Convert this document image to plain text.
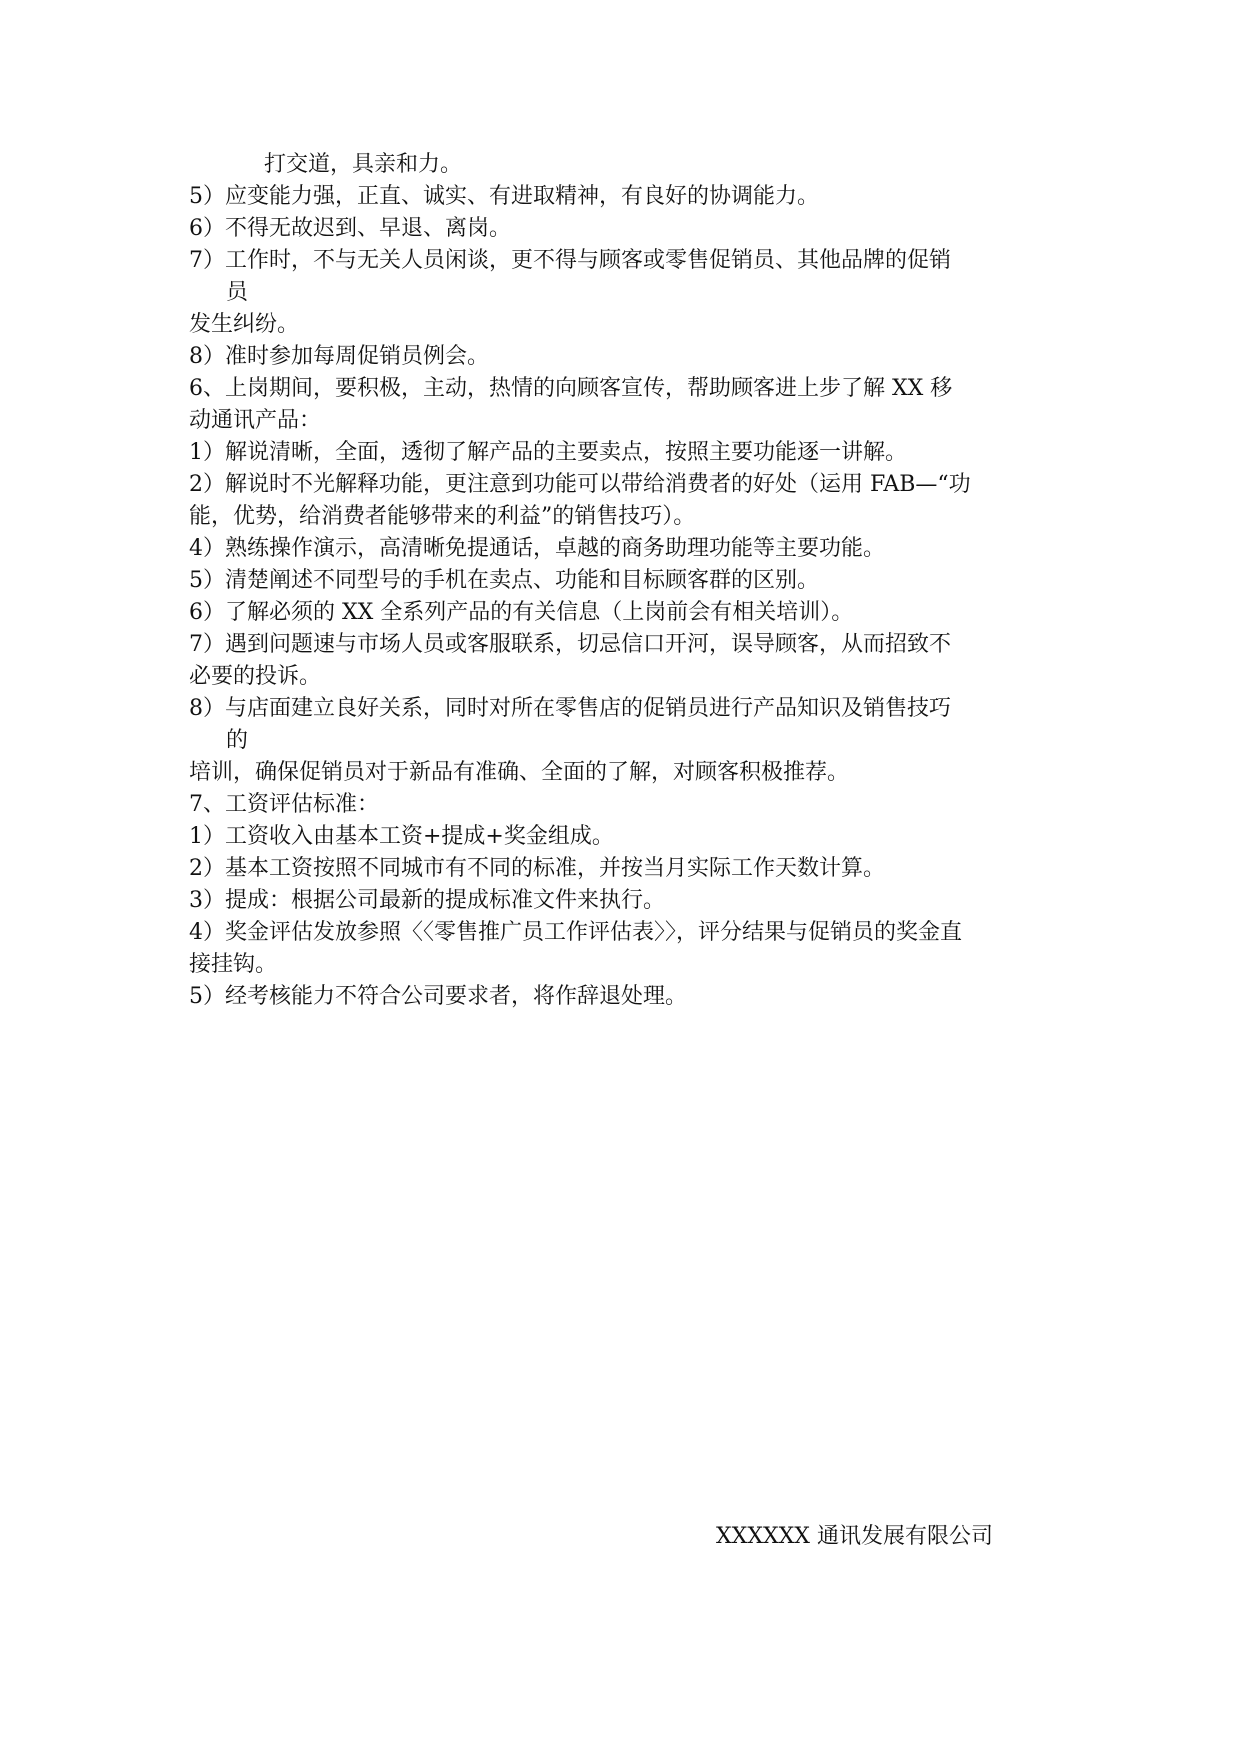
打交道，具亲和力。
5）应变能力强，正直、诚实、有进取精神，有良好的协调能力。
6）不得无故迟到、早退、离岗。
7）工作时，不与无关人员闲谈，更不得与顾客或零售促销员、其他品牌的促销
员
发生纠纷。
8）准时参加每周促销员例会。
6、上岗期间，要积极，主动，热情的向顾客宣传，帮助顾客进上步了解 XX 移
动通讯产品：
1）解说清晰，全面，透彻了解产品的主要卖点，按照主要功能逐一讲解。
2）解说时不光解释功能，更注意到功能可以带给消费者的好处（运用 FAB—“功
能，优势，给消费者能够带来的利益”的销售技巧）。
4）熟练操作演示，高清晰免提通话，卓越的商务助理功能等主要功能。
5）清楚阐述不同型号的手机在卖点、功能和目标顾客群的区别。
6）了解必须的 XX 全系列产品的有关信息（上岗前会有相关培训）。
7）遇到问题速与市场人员或客服联系，切忌信口开河，误导顾客，从而招致不
必要的投诉。
8）与店面建立良好关系，同时对所在零售店的促销员进行产品知识及销售技巧
的
培训，确保促销员对于新品有准确、全面的了解，对顾客积极推荐。
7、工资评估标准：
1）工资收入由基本工资+提成+奖金组成。
2）基本工资按照不同城市有不同的标准，并按当月实际工作天数计算。
3）提成：根据公司最新的提成标准文件来执行。
4）奖金评估发放参照〈〈零售推广员工作评估表〉〉，评分结果与促销员的奖金直
接挂钩。
5）经考核能力不符合公司要求者，将作辞退处理。
XXXXXX 通讯发展有限公司
